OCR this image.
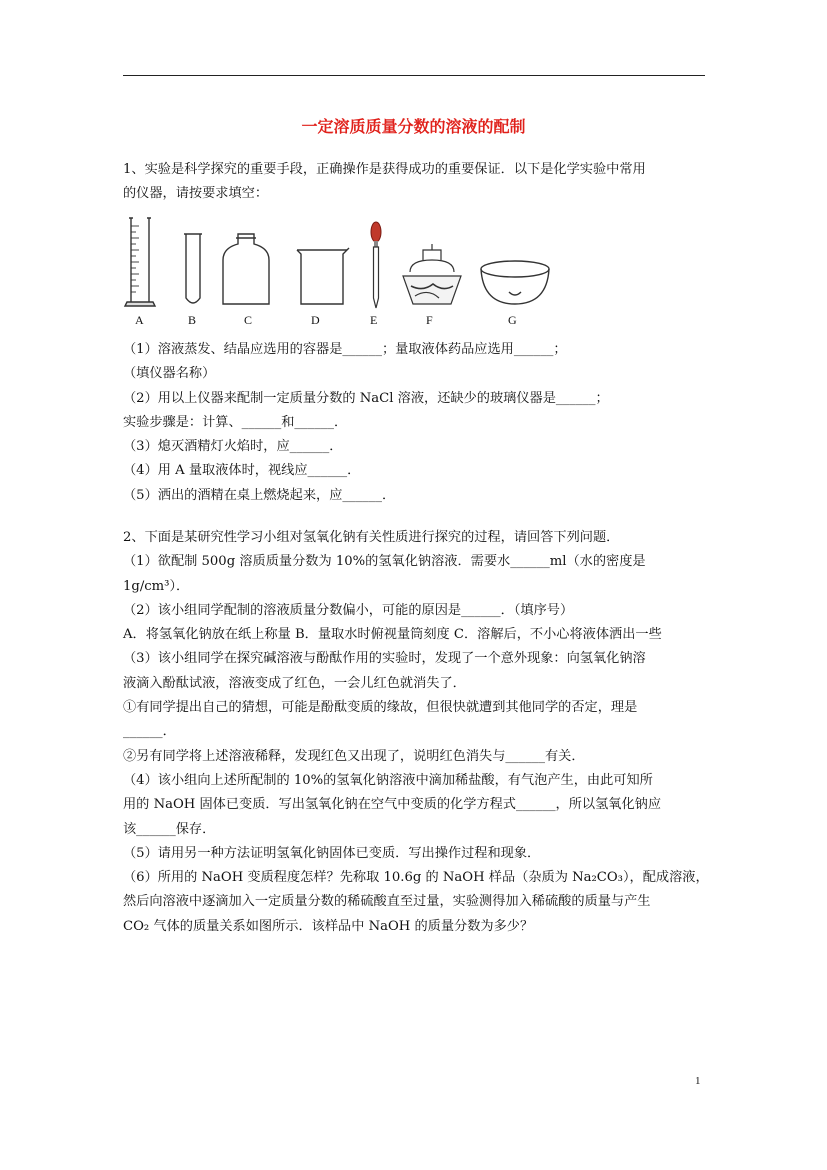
一定溶质质量分数的溶液的配制
1、实验是科学探究的重要手段，正确操作是获得成功的重要保证．以下是化学实验中常用
的仪器，请按要求填空：
A	B	C	D	E	F	G
（1）溶液蒸发、结晶应选用的容器是______；量取液体药品应选用______；
（填仪器名称）
（2）用以上仪器来配制一定质量分数的 NaCl 溶液，还缺少的玻璃仪器是______；
实验步骤是：计算、______和______．
（3）熄灭酒精灯火焰时，应______．
（4）用 A 量取液体时，视线应______．
（5）洒出的酒精在桌上燃烧起来，应______．
2、下面是某研究性学习小组对氢氧化钠有关性质进行探究的过程，请回答下列问题．
（1）欲配制 500g 溶质质量分数为 10%的氢氧化钠溶液．需要水______ml（水的密度是
1g/cm³）．
（2）该小组同学配制的溶液质量分数偏小，可能的原因是______．（填序号）
A．将氢氧化钠放在纸上称量 B．量取水时俯视量筒刻度 C．溶解后，不小心将液体洒出一些
（3）该小组同学在探究碱溶液与酚酞作用的实验时，发现了一个意外现象：向氢氧化钠溶
液滴入酚酞试液，溶液变成了红色，一会儿红色就消失了．
①有同学提出自己的猜想，可能是酚酞变质的缘故，但很快就遭到其他同学的否定，理是
______．
②另有同学将上述溶液稀释，发现红色又出现了，说明红色消失与______有关．
（4）该小组向上述所配制的 10%的氢氧化钠溶液中滴加稀盐酸，有气泡产生，由此可知所
用的 NaOH 固体已变质．写出氢氧化钠在空气中变质的化学方程式______，所以氢氧化钠应
该______保存．
（5）请用另一种方法证明氢氧化钠固体已变质．写出操作过程和现象．
（6）所用的 NaOH 变质程度怎样？先称取 10.6g 的 NaOH 样品（杂质为 Na₂CO₃），配成溶液，
然后向溶液中逐滴加入一定质量分数的稀硫酸直至过量，实验测得加入稀硫酸的质量与产生
CO₂ 气体的质量关系如图所示．该样品中 NaOH 的质量分数为多少？
1
